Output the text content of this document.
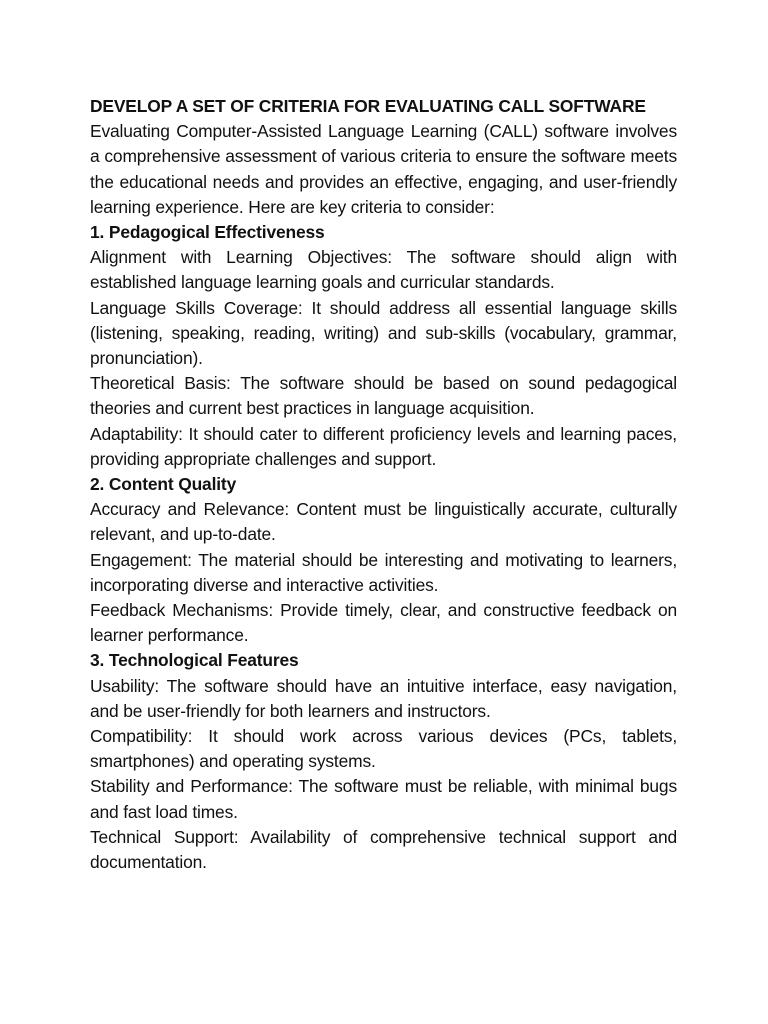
DEVELOP A SET OF CRITERIA FOR EVALUATING CALL SOFTWARE

Evaluating Computer-Assisted Language Learning (CALL) software involves a comprehensive assessment of various criteria to ensure the software meets the educational needs and provides an effective, engaging, and user-friendly learning experience. Here are key criteria to consider:

1. Pedagogical Effectiveness

Alignment with Learning Objectives: The software should align with established language learning goals and curricular standards.

Language Skills Coverage: It should address all essential language skills (listening, speaking, reading, writing) and sub-skills (vocabulary, grammar, pronunciation).

Theoretical Basis: The software should be based on sound pedagogical theories and current best practices in language acquisition.

Adaptability: It should cater to different proficiency levels and learning paces, providing appropriate challenges and support.

2. Content Quality

Accuracy and Relevance: Content must be linguistically accurate, culturally relevant, and up-to-date.

Engagement: The material should be interesting and motivating to learners, incorporating diverse and interactive activities.

Feedback Mechanisms: Provide timely, clear, and constructive feedback on learner performance.

3. Technological Features

Usability: The software should have an intuitive interface, easy navigation, and be user-friendly for both learners and instructors.

Compatibility: It should work across various devices (PCs, tablets, smartphones) and operating systems.

Stability and Performance: The software must be reliable, with minimal bugs and fast load times.

Technical Support: Availability of comprehensive technical support and documentation.
